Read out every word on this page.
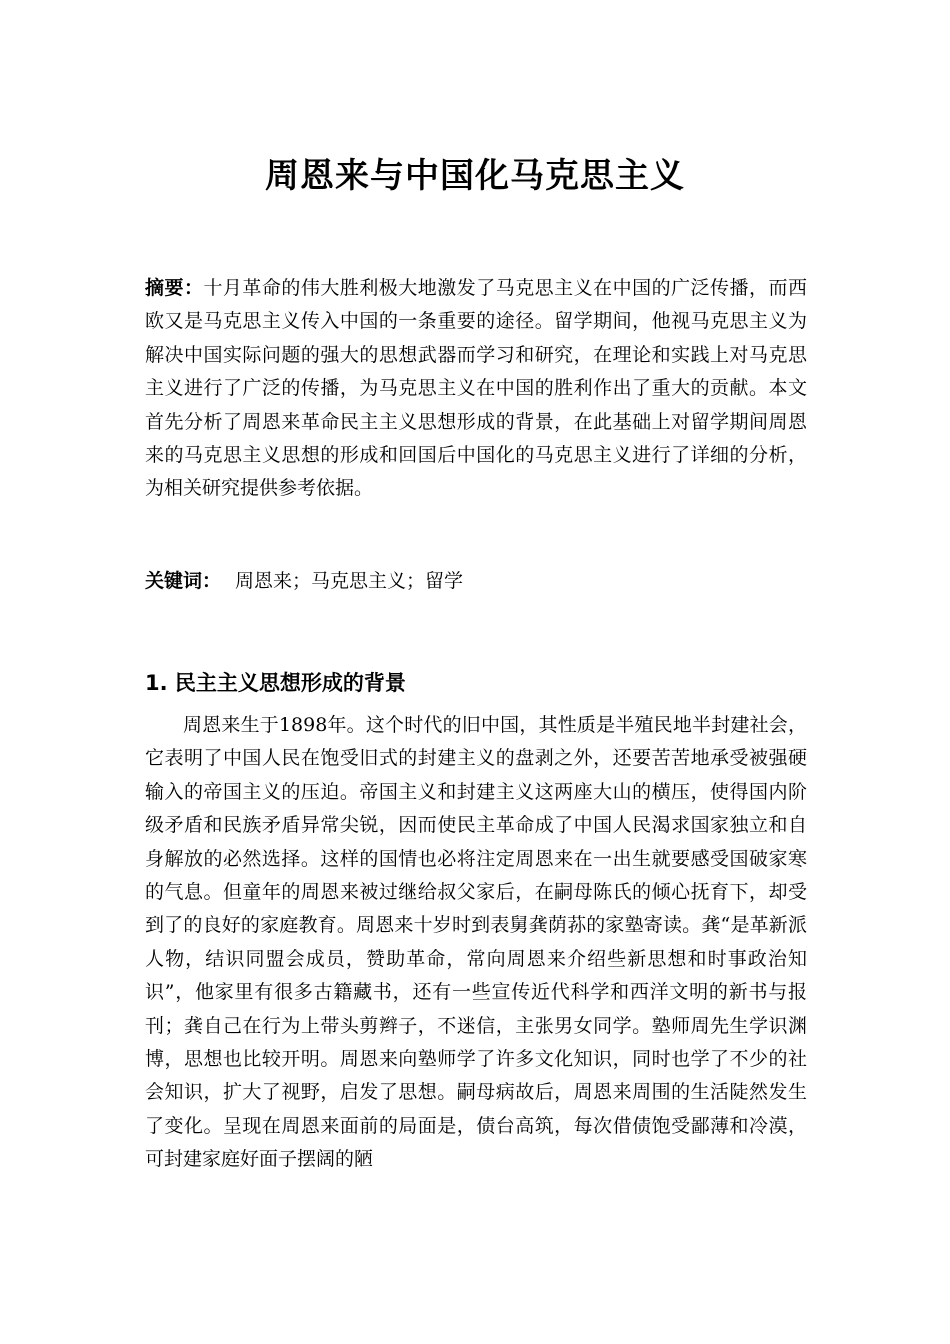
周恩来与中国化马克思主义
摘要：十月革命的伟大胜利极大地激发了马克思主义在中国的广泛传播，而西欧又是马克思主义传入中国的一条重要的途径。留学期间，他视马克思主义为解决中国实际问题的强大的思想武器而学习和研究，在理论和实践上对马克思主义进行了广泛的传播，为马克思主义在中国的胜利作出了重大的贡献。本文首先分析了周恩来革命民主主义思想形成的背景，在此基础上对留学期间周恩来的马克思主义思想的形成和回国后中国化的马克思主义进行了详细的分析，为相关研究提供参考依据。
关键词： 周恩来；马克思主义；留学
1. 民主主义思想形成的背景
周恩来生于1898年。这个时代的旧中国，其性质是半殖民地半封建社会，它表明了中国人民在饱受旧式的封建主义的盘剥之外，还要苦苦地承受被强硬输入的帝国主义的压迫。帝国主义和封建主义这两座大山的横压，使得国内阶级矛盾和民族矛盾异常尖锐，因而使民主革命成了中国人民渴求国家独立和自身解放的必然选择。这样的国情也必将注定周恩来在一出生就要感受国破家寒的气息。但童年的周恩来被过继给叔父家后，在嗣母陈氏的倾心抚育下，却受到了的良好的家庭教育。周恩来十岁时到表舅龚荫荪的家塾寄读。龚“是革新派人物，结识同盟会成员，赞助革命，常向周恩来介绍些新思想和时事政治知识”，他家里有很多古籍藏书，还有一些宣传近代科学和西洋文明的新书与报刊；龚自己在行为上带头剪辫子，不迷信，主张男女同学。塾师周先生学识渊博，思想也比较开明。周恩来向塾师学了许多文化知识，同时也学了不少的社会知识，扩大了视野，启发了思想。嗣母病故后，周恩来周围的生活陡然发生了变化。呈现在周恩来面前的局面是，债台高筑，每次借债饱受鄙薄和冷漠，可封建家庭好面子摆阔的陋
